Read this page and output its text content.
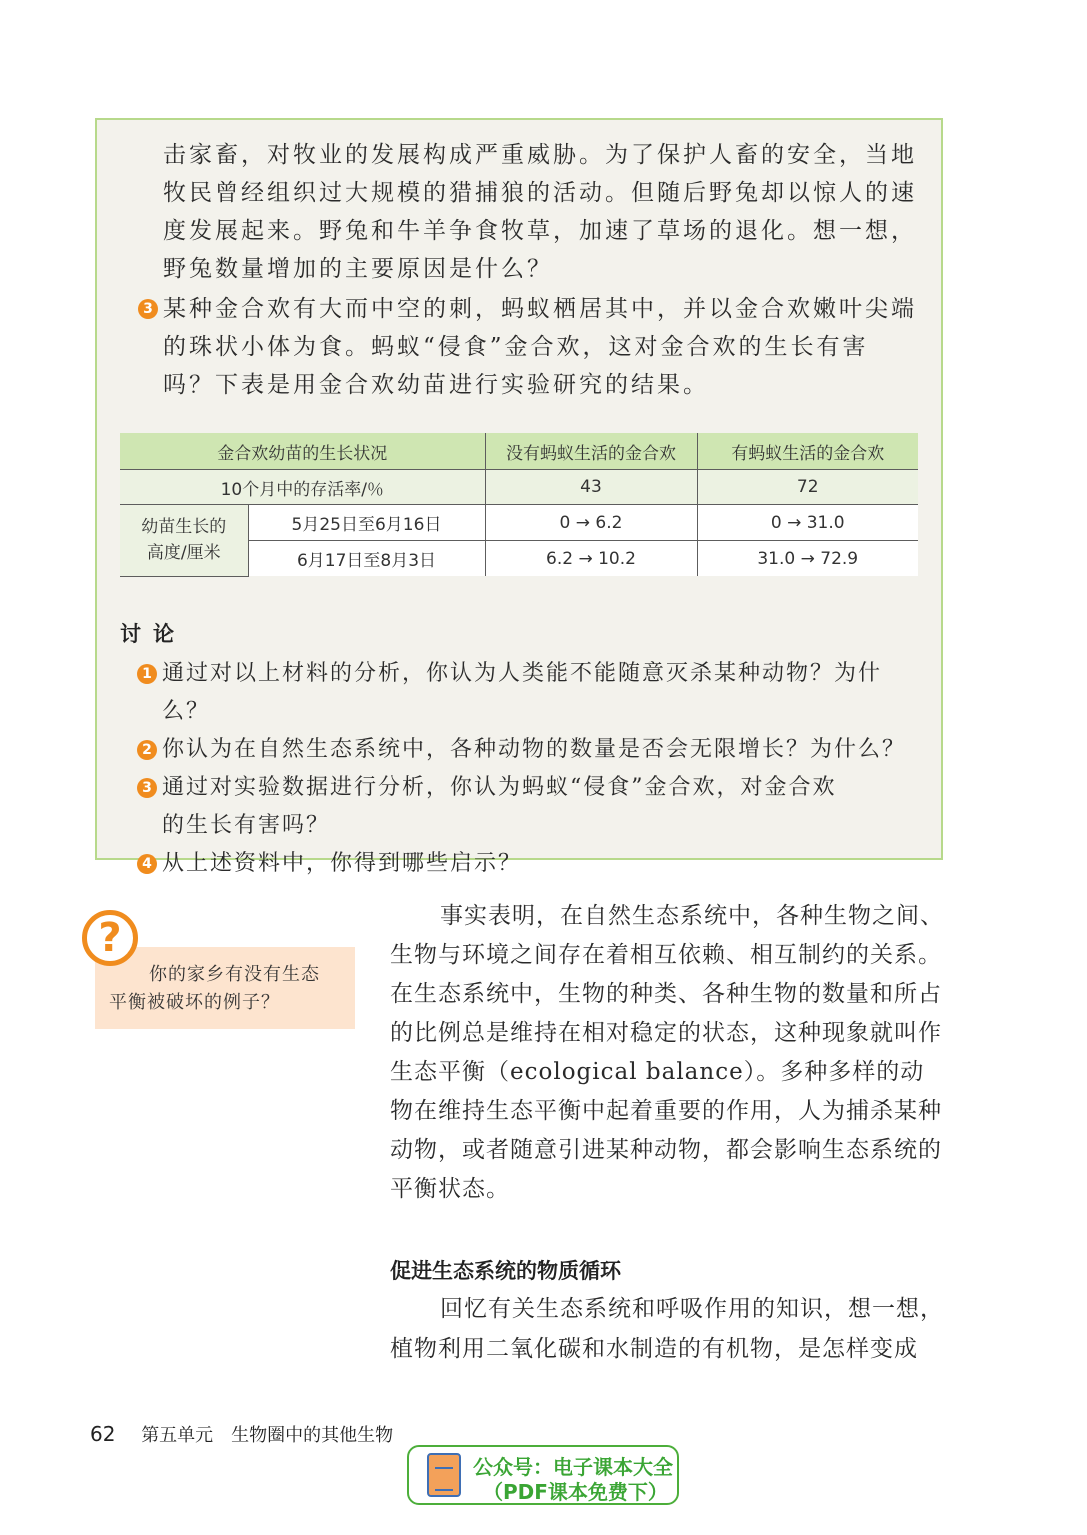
击家畜，对牧业的发展构成严重威胁。为了保护人畜的安全，当地

牧民曾经组织过大规模的猎捕狼的活动。但随后野兔却以惊人的速

度发展起来。野兔和牛羊争食牧草，加速了草场的退化。想一想，

野兔数量增加的主要原因是什么？

3 某种金合欢有大而中空的刺，蚂蚁栖居其中，并以金合欢嫩叶尖端

的珠状小体为食。蚂蚁“侵食”金合欢，这对金合欢的生长有害

吗？下表是用金合欢幼苗进行实验研究的结果。

金合欢幼苗的生长状况		没有蚂蚁生活的金合欢	有蚂蚁生活的金合欢
10个月中的存活率/％		43	72
幼苗生长的
高度/厘米	5月25日至6月16日	0 → 6.2	0 → 31.0
	6月17日至8月3日	6.2 → 10.2	31.0 → 72.9
讨论
1 通过对以上材料的分析，你认为人类能不能随意灭杀某种动物？为什么？
2 你认为在自然生态系统中，各种动物的数量是否会无限增长？为什么？
3 通过对实验数据进行分析，你认为蚂蚁“侵食”金合欢，对金合欢
的生长有害吗？
4 从上述资料中，你得到哪些启示？
你的家乡有没有生态
平衡被破坏的例子？
?	事实表明，在自然生态系统中，各种生物之间、生物与环境之间存在着相互依赖、相互制约的关系。在生态系统中，生物的种类、各种生物的数量和所占的比例总是维持在相对稳定的状态，这种现象就叫作生态平衡（ecological balance）。多种多样的动物在维持生态平衡中起着重要的作用，人为捕杀某种动物，或者随意引进某种动物，都会影响生态系统的平衡状态。

促进生态系统的物质循环

回忆有关生态系统和呼吸作用的知识，想一想，植物利用二氧化碳和水制造的有机物，是怎样变成

62 第五单元　生物圈中的其他生物
公众号：电子课本大全
（PDF课本免费下）
